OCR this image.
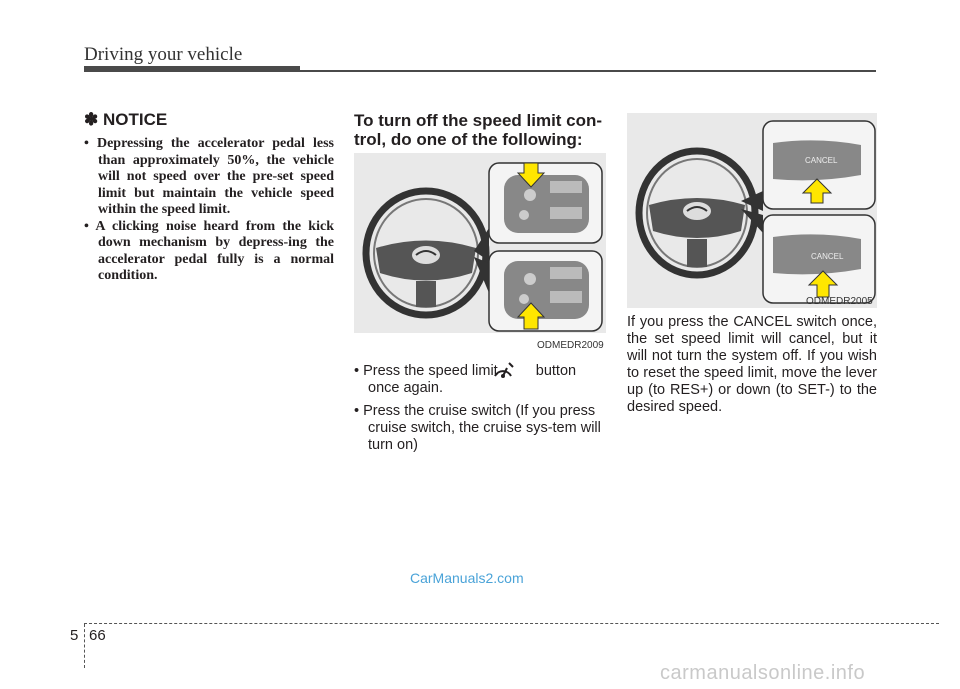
Driving your vehicle
✽ NOTICE
• Depressing the accelerator pedal less than approximately 50%, the vehicle will not speed over the pre-set speed limit but maintain the vehicle speed within the speed limit.
• A clicking noise heard from the kick down mechanism by depress-ing the accelerator pedal fully is a normal condition.
To turn off the speed limit con-trol, do one of the following:
ODMEDR2009
• Press the speed limit	button once again.
• Press the cruise switch (If you press cruise switch, the cruise sys-tem will turn on)
CANCEL
CANCEL
ODMEDR2005
If you press the CANCEL switch once, the set speed limit will cancel, but it will not turn the system off. If you wish to reset the speed limit, move the lever up (to RES+) or down (to SET-) to the desired speed.
CarManuals2.com
5 66
carmanualsonline.info
